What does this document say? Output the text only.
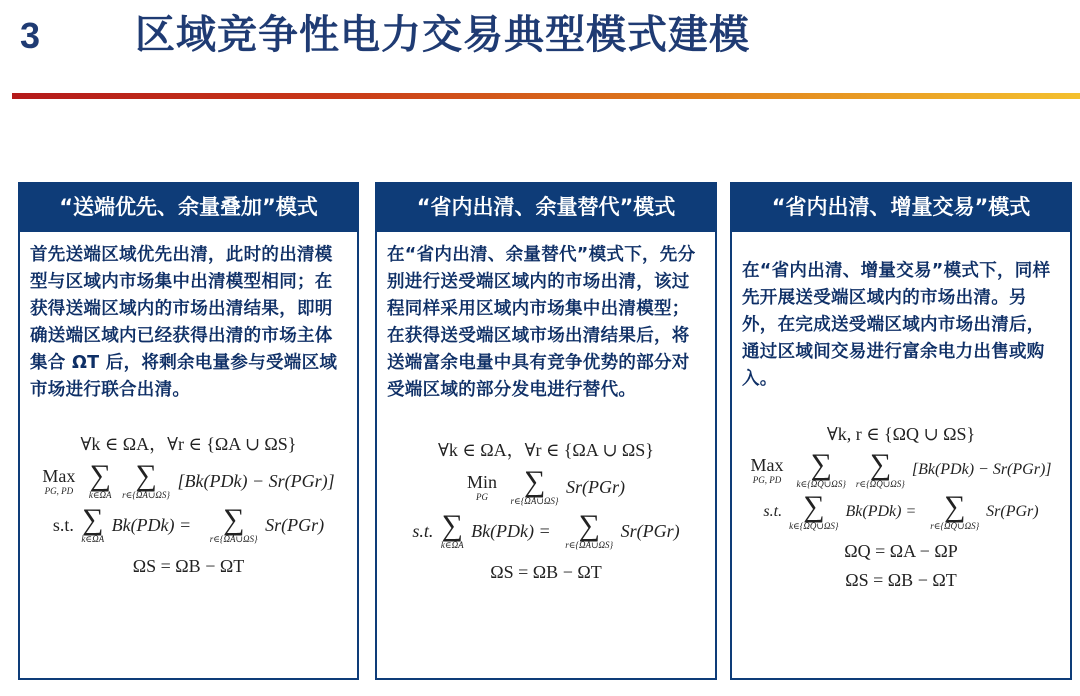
3	区域竞争性电力交易典型模式建模
“送端优先、余量叠加”模式
首先送端区域优先出清，此时的出清模型与区域内市场集中出清模型相同；在获得送端区域内的市场出清结果，即明确送端区域内已经获得出清的市场主体集合 ΩT 后，将剩余电量参与受端区域市场进行联合出清。
∀k ∈ ΩA，∀r ∈ {ΩA ∪ ΩS}
Max
PG, PD
∑
k∈ΩA

∑
r∈{ΩA∪ΩS}
[Bk(PDk) − Sr(PGr)]
s.t. ∑
k∈ΩA
Bk(PDk) =	∑
r∈{ΩA∪ΩS}
Sr(PGr)
ΩS = ΩB − ΩT
“省内出清、余量替代”模式
在“省内出清、余量替代”模式下，先分别进行送受端区域内的市场出清，该过程同样采用区域内市场集中出清模型；在获得送受端区域市场出清结果后，将送端富余电量中具有竞争优势的部分对受端区域的部分发电进行替代。
∀k ∈ ΩA，∀r ∈ {ΩA ∪ ΩS}
Min
PG
	∑
r∈{ΩA∪ΩS}
Sr(PGr)
s.t. ∑
k∈ΩA
Bk(PDk) = ∑
r∈{ΩA∪ΩS}
Sr(PGr)
ΩS = ΩB − ΩT
“省内出清、增量交易”模式
在“省内出清、增量交易”模式下，同样先开展送受端区域内的市场出清。另外，在完成送受端区域内市场出清后，通过区域间交易进行富余电力出售或购入。
∀k, r ∈ {ΩQ ∪ ΩS}
Max
PG, PD
∑
k∈{ΩQ∪ΩS}

∑
r∈{ΩQ∪ΩS}
[Bk(PDk) − Sr(PGr)]
s.t. ∑
k∈{ΩQ∪ΩS}
Bk(PDk) = ∑
r∈{ΩQ∪ΩS}
Sr(PGr)
ΩQ = ΩA − ΩP
ΩS = ΩB − ΩT
